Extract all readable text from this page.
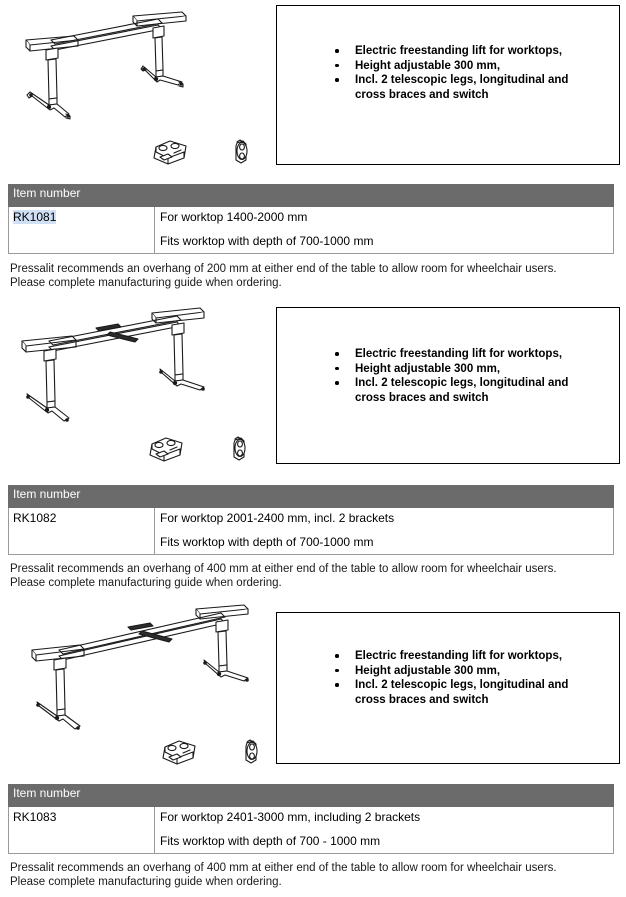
Electric freestanding lift for worktops,
Height adjustable 300 mm,
Incl. 2 telescopic legs, longitudinal and cross braces and switch
Item number	
RK1081	For worktop 1400-2000 mm
Fits worktop with depth of 700-1000 mm
Pressalit recommends an overhang of 200 mm at either end of the table to allow room for wheelchair users.
Please complete manufacturing guide when ordering.
Electric freestanding lift for worktops,
Height adjustable 300 mm,
Incl. 2 telescopic legs, longitudinal and cross braces and switch
Item number	
RK1082	For worktop 2001-2400 mm, incl. 2 brackets
Fits worktop with depth of 700-1000 mm
Pressalit recommends an overhang of 400 mm at either end of the table to allow room for wheelchair users.
Please complete manufacturing guide when ordering.
Electric freestanding lift for worktops,
Height adjustable 300 mm,
Incl. 2 telescopic legs, longitudinal and cross braces and switch
Item number	
RK1083	For worktop 2401-3000 mm, including 2 brackets
Fits worktop with depth of 700 - 1000 mm
Pressalit recommends an overhang of 400 mm at either end of the table to allow room for wheelchair users.
Please complete manufacturing guide when ordering.
